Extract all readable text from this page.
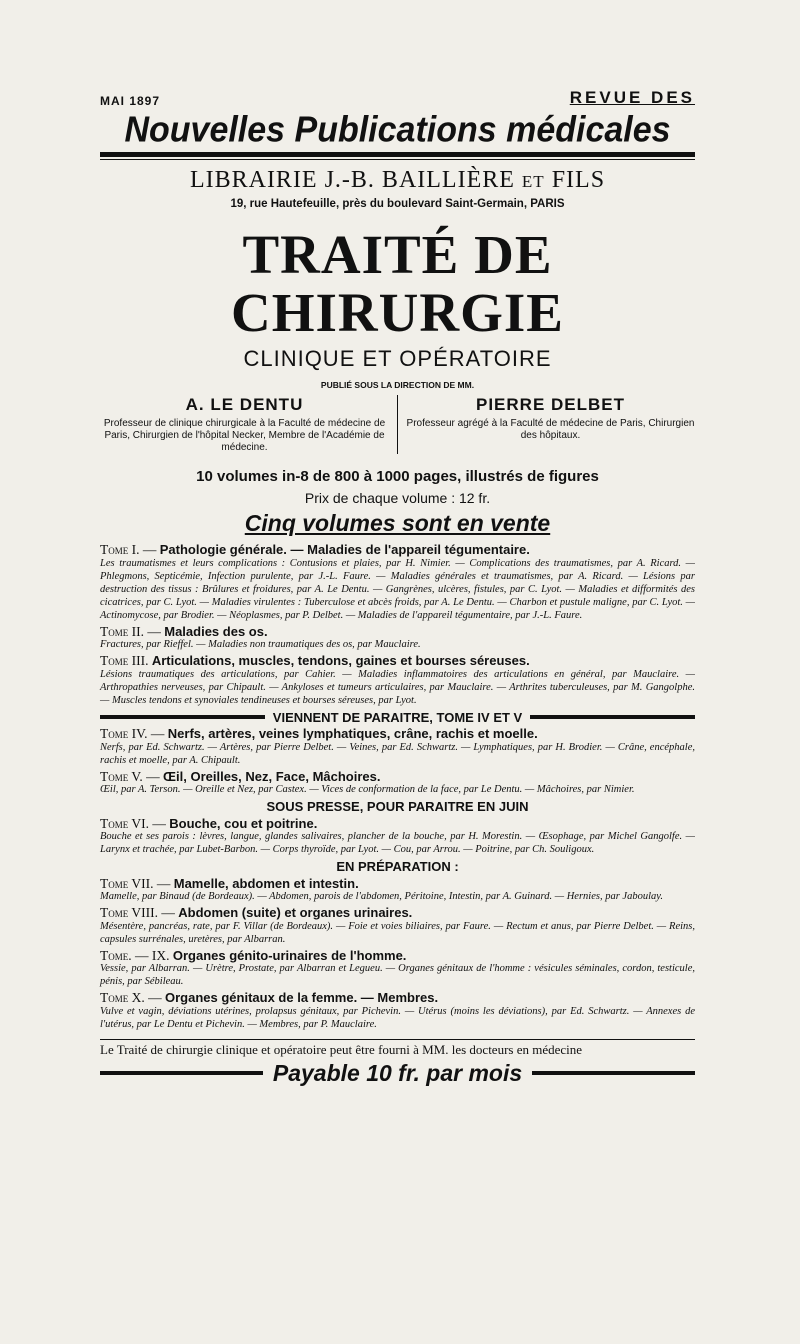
MAI 1897	REVUE DES
Nouvelles Publications médicales
LIBRAIRIE J.-B. BAILLIÈRE ET FILS
19, rue Hautefeuille, près du boulevard Saint-Germain, PARIS
TRAITÉ DE CHIRURGIE
CLINIQUE ET OPÉRATOIRE
PUBLIÉ SOUS LA DIRECTION DE MM.
A. LE DENTU
Professeur de clinique chirurgicale à la Faculté de médecine de Paris, Chirurgien de l'hôpital Necker, Membre de l'Académie de médecine.
PIERRE DELBET
Professeur agrégé à la Faculté de médecine de Paris, Chirurgien des hôpitaux.
10 volumes in-8 de 800 à 1000 pages, illustrés de figures
Prix de chaque volume : 12 fr.
Cinq volumes sont en vente
Tome I. — Pathologie générale. — Maladies de l'appareil tégumentaire.
Les traumatismes et leurs complications : Contusions et plaies, par H. Nimier. — Complications des traumatismes, par A. Ricard. — Phlegmons, Septicémie, Infection purulente, par J.-L. Faure. — Maladies générales et traumatismes, par A. Ricard. — Lésions par destruction des tissus : Brûlures et froidures, par A. Le Dentu. — Gangrènes, ulcères, fistules, par C. Lyot. — Maladies et difformités des cicatrices, par C. Lyot. — Maladies virulentes : Tuberculose et abcès froids, par A. Le Dentu. — Charbon et pustule maligne, par C. Lyot. — Actinomycose, par Brodier. — Néoplasmes, par P. Delbet. — Maladies de l'appareil tégumentaire, par J.-L. Faure.
Tome II. — Maladies des os.
Fractures, par Rieffel. — Maladies non traumatiques des os, par Mauclaire.
Tome III. Articulations, muscles, tendons, gaines et bourses séreuses.
Lésions traumatiques des articulations, par Cahier. — Maladies inflammatoires des articulations en général, par Mauclaire. — Arthropathies nerveuses, par Chipault. — Ankyloses et tumeurs articulaires, par Mauclaire. — Arthrites tuberculeuses, par M. Gangolphe. — Muscles tendons et synoviales tendineuses et bourses séreuses, par Lyot.
VIENNENT DE PARAITRE, TOME IV ET V
Tome IV. — Nerfs, artères, veines lymphatiques, crâne, rachis et moelle.
Nerfs, par Ed. Schwartz. — Artères, par Pierre Delbet. — Veines, par Ed. Schwartz. — Lymphatiques, par H. Brodier. — Crâne, encéphale, rachis et moelle, par A. Chipault.
Tome V. — Œil, Oreilles, Nez, Face, Mâchoires.
Œil, par A. Terson. — Oreille et Nez, par Castex. — Vices de conformation de la face, par Le Dentu. — Mâchoires, par Nimier.
SOUS PRESSE, POUR PARAITRE EN JUIN
Tome VI. — Bouche, cou et poitrine.
Bouche et ses parois : lèvres, langue, glandes salivaires, plancher de la bouche, par H. Morestin. — Œsophage, par Michel Gangolfe. — Larynx et trachée, par Lubet-Barbon. — Corps thyroïde, par Lyot. — Cou, par Arrou. — Poitrine, par Ch. Souligoux.
EN PRÉPARATION :
Tome VII. — Mamelle, abdomen et intestin.
Mamelle, par Binaud (de Bordeaux). — Abdomen, parois de l'abdomen, Péritoine, Intestin, par A. Guinard. — Hernies, par Jaboulay.
Tome VIII. — Abdomen (suite) et organes urinaires.
Mésentère, pancréas, rate, par F. Villar (de Bordeaux). — Foie et voies biliaires, par Faure. — Rectum et anus, par Pierre Delbet. — Reins, capsules surrénales, uretères, par Albarran.
Tome. — IX. Organes génito-urinaires de l'homme.
Vessie, par Albarran. — Urètre, Prostate, par Albarran et Legueu. — Organes génitaux de l'homme : vésicules séminales, cordon, testicule, pénis, par Sébileau.
Tome X. — Organes génitaux de la femme. — Membres.
Vulve et vagin, déviations utérines, prolapsus génitaux, par Pichevin. — Utérus (moins les déviations), par Ed. Schwartz. — Annexes de l'utérus, par Le Dentu et Pichevin. — Membres, par P. Mauclaire.
Le Traité de chirurgie clinique et opératoire peut être fourni à MM. les docteurs en médecine
Payable 10 fr. par mois
